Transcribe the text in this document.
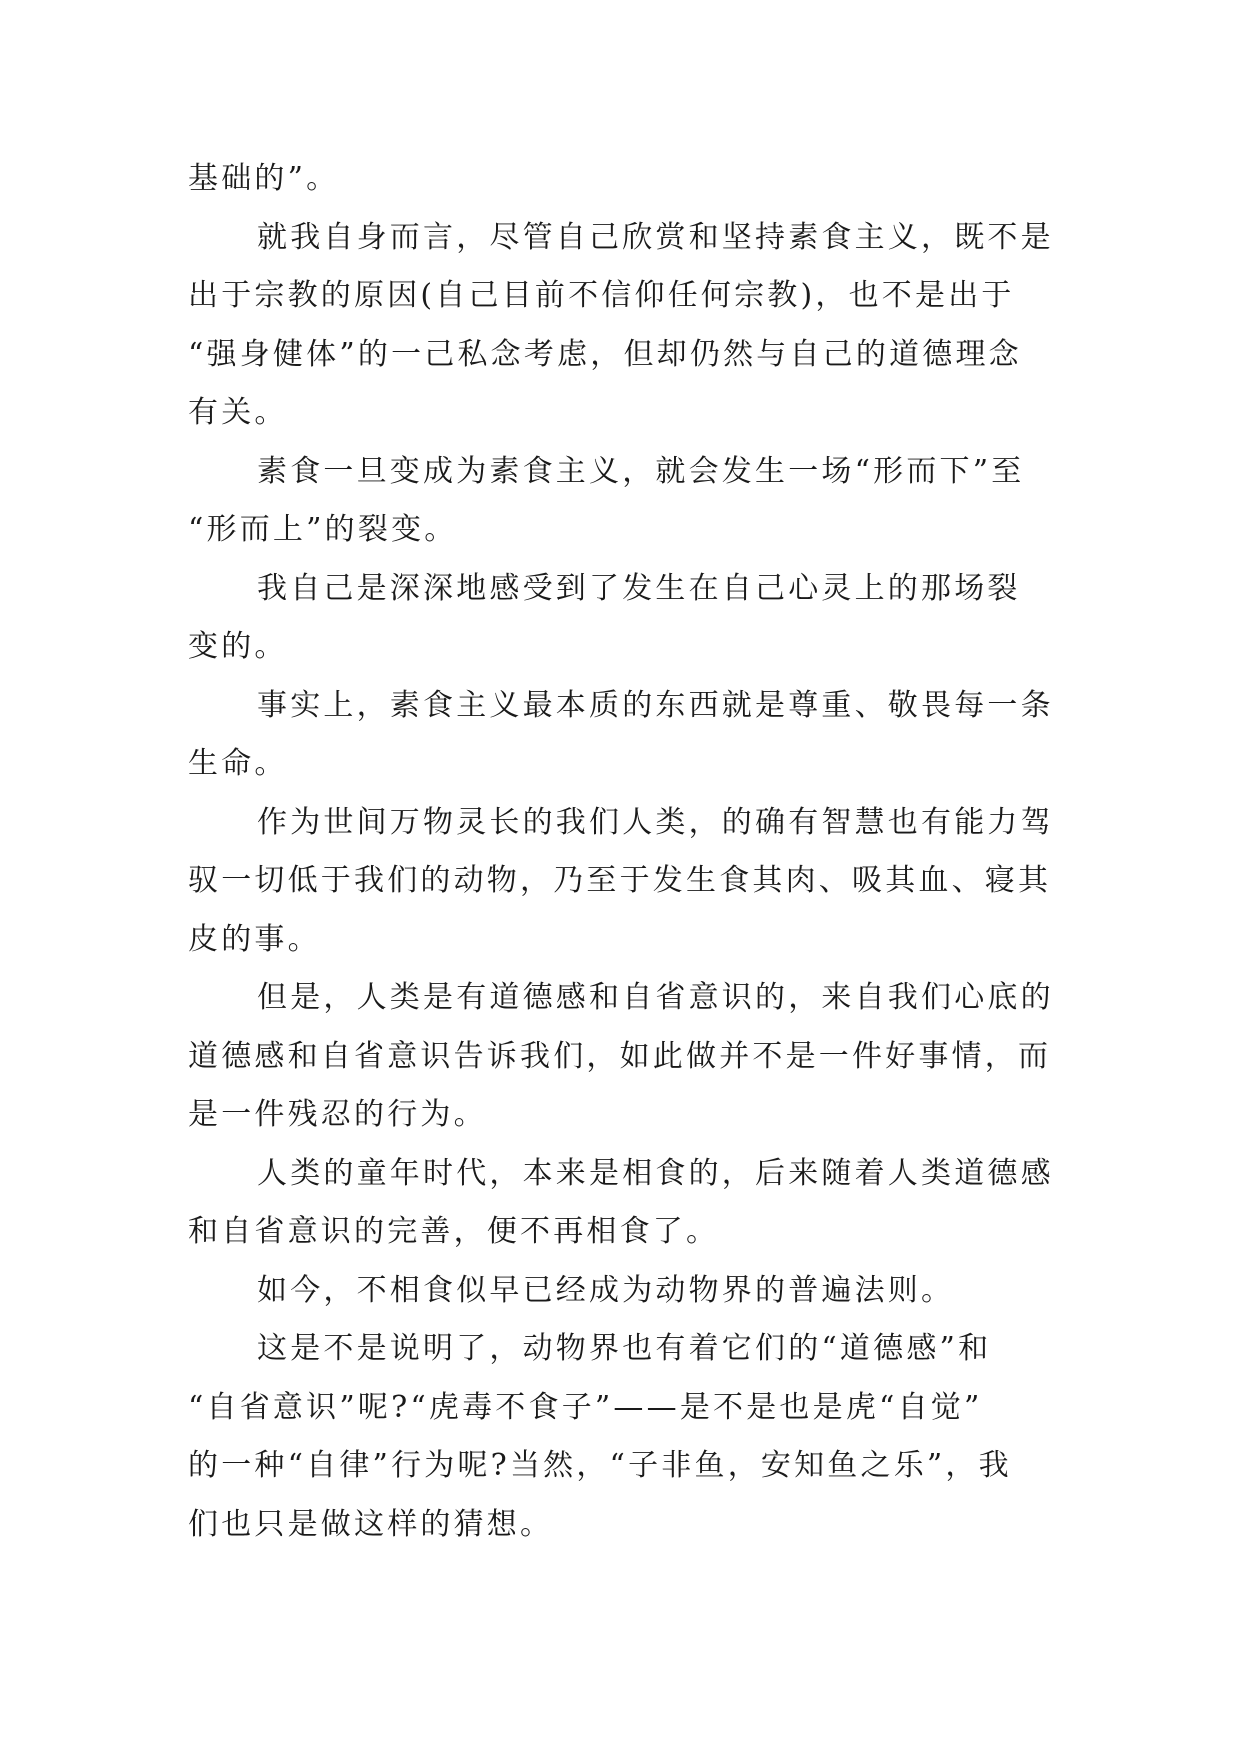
基础的”。

就我自身而言，尽管自己欣赏和坚持素食主义，既不是
出于宗教的原因(自己目前不信仰任何宗教)，也不是出于
“强身健体”的一己私念考虑，但却仍然与自己的道德理念
有关。

素食一旦变成为素食主义，就会发生一场“形而下”至
“形而上”的裂变。

我自己是深深地感受到了发生在自己心灵上的那场裂
变的。

事实上，素食主义最本质的东西就是尊重、敬畏每一条
生命。

作为世间万物灵长的我们人类，的确有智慧也有能力驾
驭一切低于我们的动物，乃至于发生食其肉、吸其血、寝其
皮的事。

但是，人类是有道德感和自省意识的，来自我们心底的
道德感和自省意识告诉我们，如此做并不是一件好事情，而
是一件残忍的行为。

人类的童年时代，本来是相食的，后来随着人类道德感
和自省意识的完善，便不再相食了。

如今，不相食似早已经成为动物界的普遍法则。

这是不是说明了，动物界也有着它们的“道德感”和
“自省意识”呢?“虎毒不食子”——是不是也是虎“自觉”
的一种“自律”行为呢?当然，“子非鱼，安知鱼之乐”，我
们也只是做这样的猜想。
